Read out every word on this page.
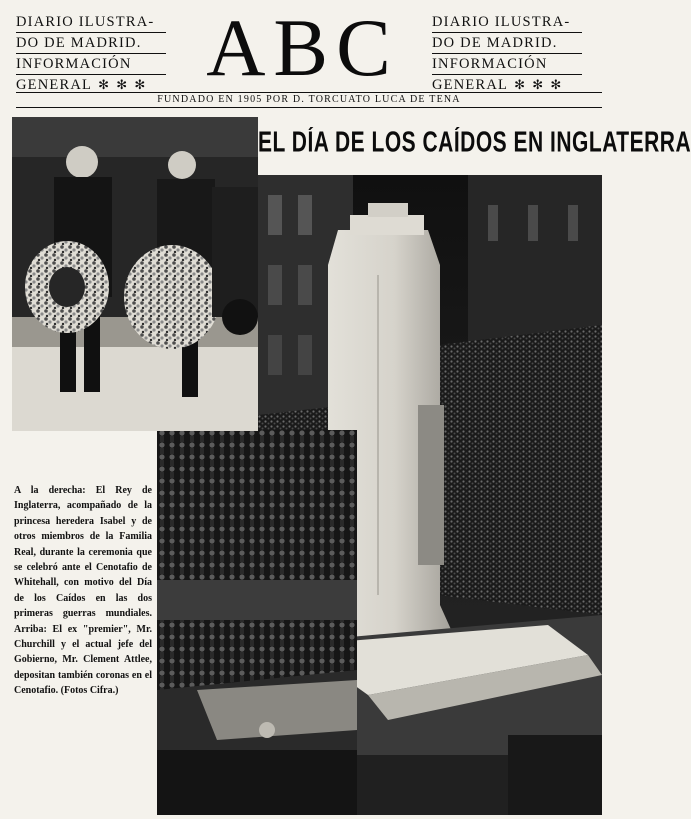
DIARIO ILUSTRA-
DO DE MADRID.
INFORMACIÓN
GENERAL ✻ ✻ ✻ ABC	DIARIO ILUSTRA-
DO DE MADRID.
INFORMACIÓN
GENERAL ✻ ✻ ✻
FUNDADO EN 1905 POR D. TORCUATO LUCA DE TENA
EL DÍA DE LOS CAÍDOS EN INGLATERRA
A la derecha: El Rey de Inglaterra, acompañado de la princesa heredera Isabel y de otros miembros de la Familia Real, durante la ceremonia que se celebró ante el Cenotafio de Whitehall, con motivo del Día de los Caídos en las dos primeras guerras mundiales. Arriba: El ex "premier", Mr. Churchill y el actual jefe del Gobierno, Mr. Clement Attlee, depositan también coronas en el Cenotafio. (Fotos Cifra.)
